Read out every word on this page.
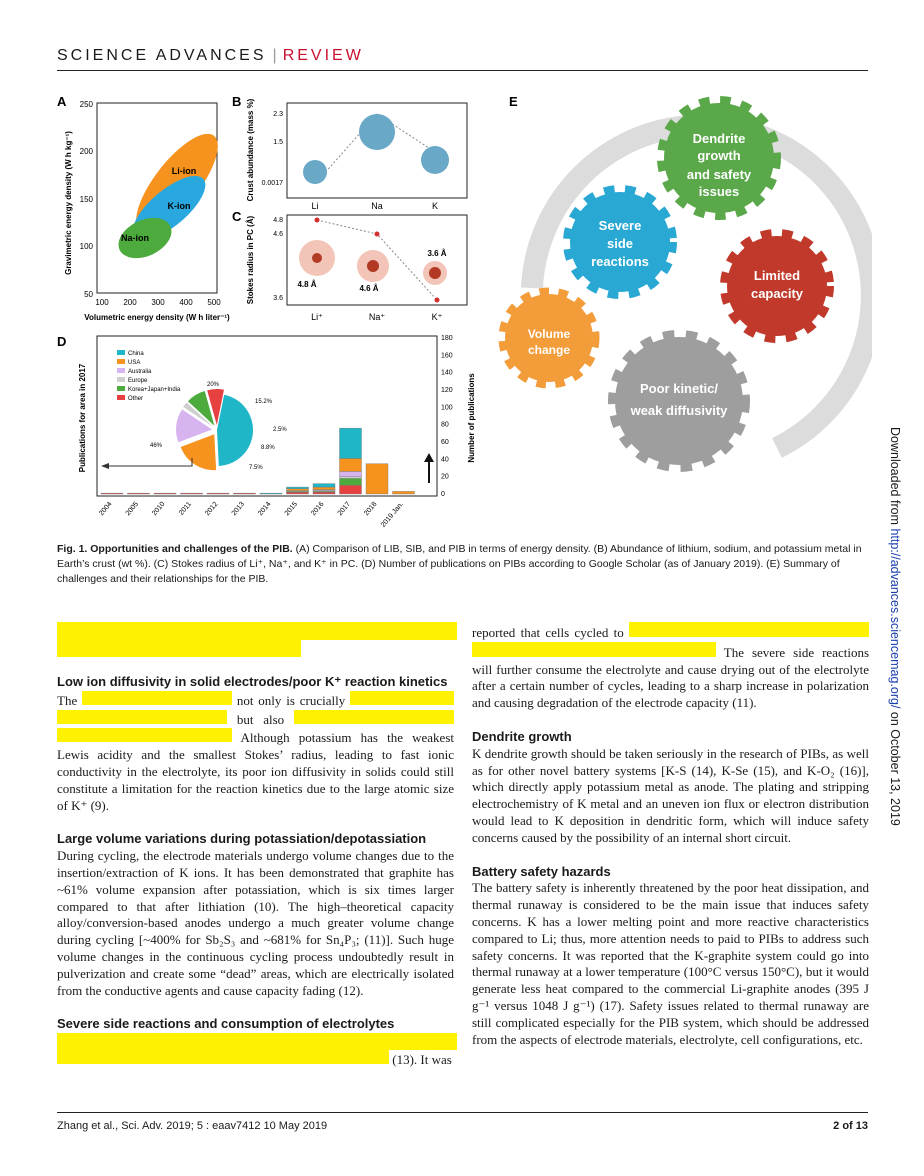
SCIENCE ADVANCES | REVIEW
A 250
200
150
100
50
100 200 300 400 500
Volumetric energy density (W h liter⁻¹)
Gravimetric energy density (W h kg⁻¹)	Li-ion
K-ion
Na-ion
B Crust abundance (mass %)	2.3
1.5
0.0017
Li	Na	K
C Stokes radius in PC (Å)	4.8
4.6
3.6
4.8 Å	4.6 Å
3.6 Å
Li⁺	Na⁺	K⁺
D
Publications for area in 2017	Number of publications
180
160
140
120
100
80
60
40
20
0
2004 2005 2010 2011 2012 2013 2014 2015 2016 2017 2018 2019 Jan.
China
USA
Australia
Europe
Korea+Japan+India
Other
20%
15.2%
2.5%
8.8%
7.5%
46%
E
Dendrite
growth
and safety
issues
Severe
side
reactions
Limited
capacity
Volume
change
Poor kinetic/
weak diffusivity
Fig. 1. Opportunities and challenges of the PIB. (A) Comparison of LIB, SIB, and PIB in terms of energy density. (B) Abundance of lithium, sodium, and potassium metal in Earth’s crust (wt %). (C) Stokes radius of Li⁺, Na⁺, and K⁺ in PC. (D) Number of publications on PIBs according to Google Scholar (as of January 2019). (E) Summary of challenges and their relationships for the PIB.
Low ion diffusivity in solid electrodes/poor K⁺ reaction kinetics

The	not only is crucially   but also   Although potassium has the weakest Lewis acidity and the smallest Stokes’ radius, leading to fast ionic conductivity in the electrolyte, its poor ion diffusivity in solids could still constitute a limitation for the reaction kinetics due to the large atomic size of K⁺ (9).

Large volume variations during potassiation/depotassiation

During cycling, the electrode materials undergo volume changes due to the insertion/extraction of K ions. It has been demonstrated that graphite has ~61% volume expansion after potassiation, which is six times larger compared to that after lithiation (10). The high–theoretical capacity alloy/conversion-based anodes undergo a much greater volume change during cycling [~400% for Sb₂S₃ and ~681% for Sn₄P₃; (11)]. Such huge volume changes in the continuous cycling process undoubtedly result in pulverization and create some “dead” areas, which are electrically isolated from the conductive agents and cause capacity fading (12).

Severe side reactions and consumption of electrolytes

(13). It was

reported that cells cycled to   The severe side reactions will further consume the electrolyte and cause drying out of the electrolyte after a certain number of cycles, leading to a sharp increase in polarization and causing degradation of the electrode capacity (11).

Dendrite growth

K dendrite growth should be taken seriously in the research of PIBs, as well as for other novel battery systems [K-S (14), K-Se (15), and K-O₂ (16)], which directly apply potassium metal as anode. The plating and stripping electrochemistry of K metal and an uneven ion flux or electron distribution would lead to K deposition in dendritic form, which will induce safety concerns caused by the possibility of an internal short circuit.

Battery safety hazards

The battery safety is inherently threatened by the poor heat dissipation, and thermal runaway is considered to be the main issue that induces safety concerns. K has a lower melting point and more reactive characteristics compared to Li; thus, more attention needs to paid to PIBs to address such safety concerns. It was reported that the K-graphite system could go into thermal runaway at a lower temperature (100°C versus 150°C), but it would generate less heat compared to the commercial Li-graphite anodes (395 J g⁻¹ versus 1048 J g⁻¹) (17). Safety issues related to thermal runaway are still complicated especially for the PIB system, which should be addressed from the aspects of electrode materials, electrolyte, cell configurations, etc.

Downloaded from http://advances.sciencemag.org/ on October 13, 2019
Zhang et al., Sci. Adv. 2019; 5 : eaav7412 10 May 2019	2 of 13
